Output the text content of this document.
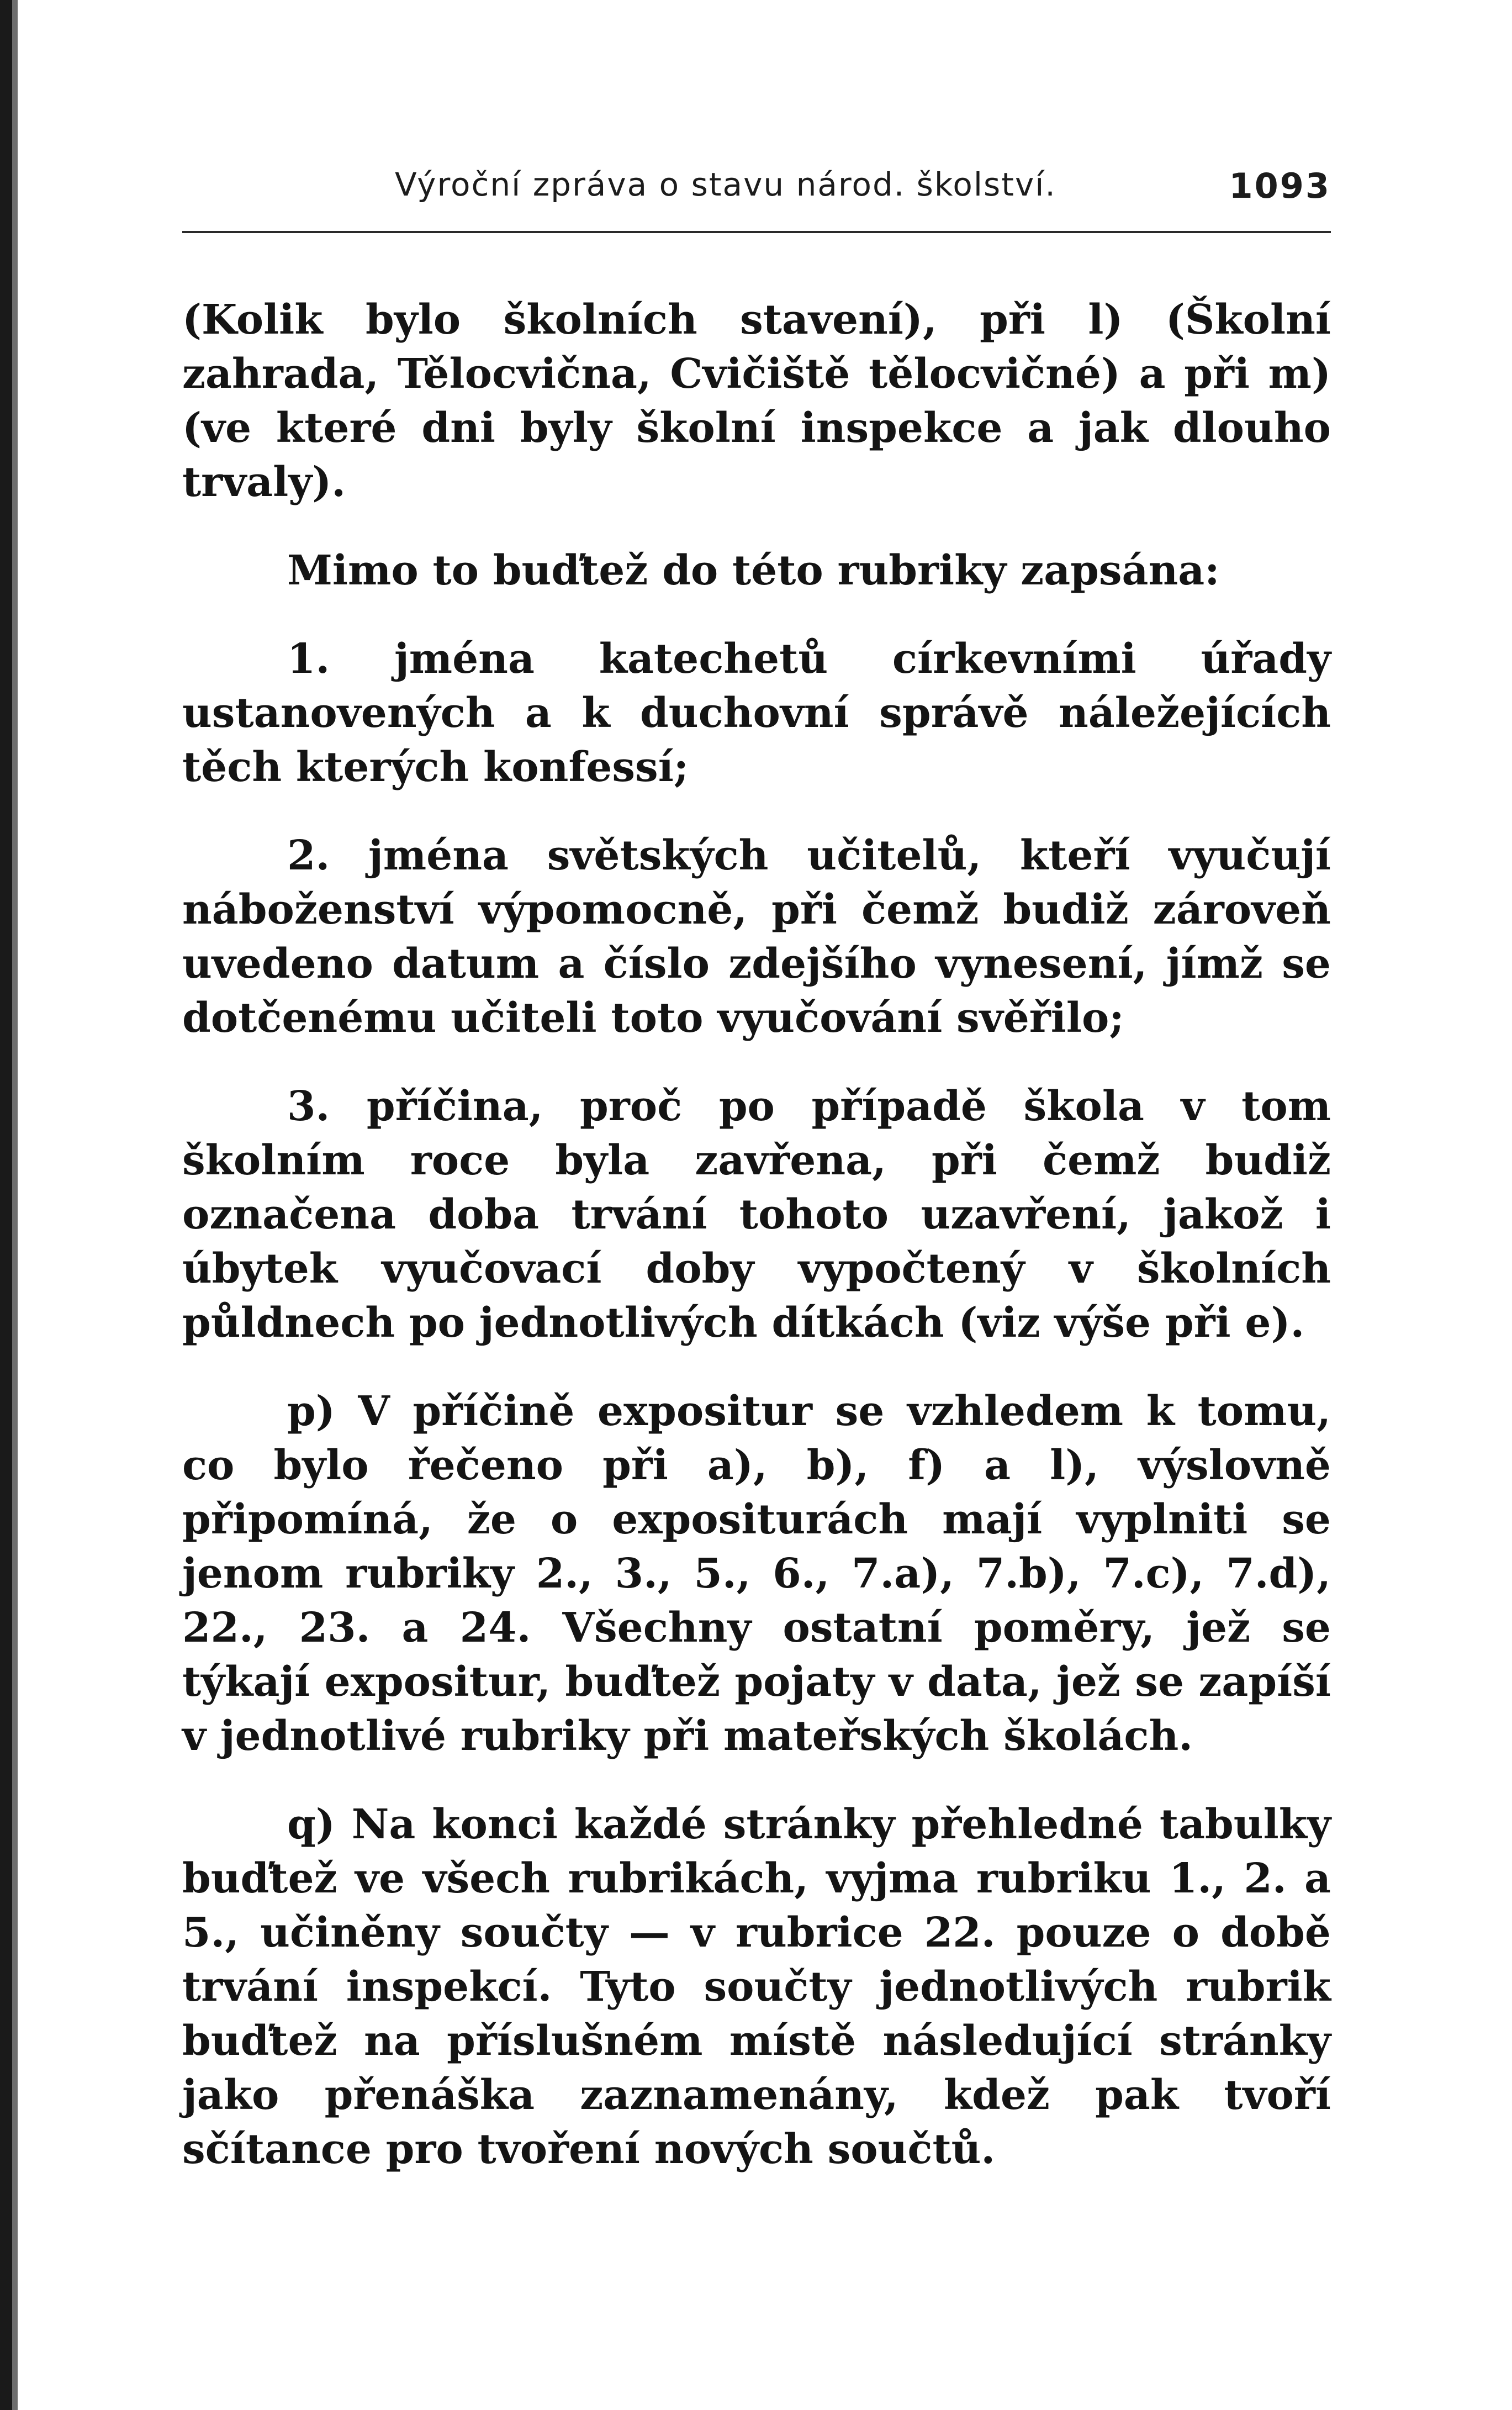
Výroční zpráva o stavu národ. školství.	1093

(Kolik bylo školních stavení), při l) (Školní zahrada, Tělocvična, Cvičiště tělocvičné) a při m) (ve které dni byly školní inspekce a jak dlouho trvaly).

Mimo to buďtež do této rubriky zapsána:

1. jména katechetů církevními úřady ustanovených a k duchovní správě náležejících těch kterých konfessí;

2. jména světských učitelů, kteří vyučují náboženství výpomocně, při čemž budiž zároveň uvedeno datum a číslo zdejšího vynesení, jímž se dotčenému učiteli toto vyučování svěřilo;

3. příčina, proč po případě škola v tom školním roce byla zavřena, při čemž budiž označena doba trvání tohoto uzavření, jakož i úbytek vyučovací doby vypočtený v školních půldnech po jednotlivých dítkách (viz výše při e).

p) V příčině expositur se vzhledem k tomu, co bylo řečeno při a), b), f) a l), výslovně připomíná, že o expositurách mají vyplniti se jenom rubriky 2., 3., 5., 6., 7.a), 7.b), 7.c), 7.d), 22., 23. a 24. Všechny ostatní poměry, jež se týkají expositur, buďtež pojaty v data, jež se zapíší v jednotlivé rubriky při mateřských školách.

q) Na konci každé stránky přehledné tabulky buďtež ve všech rubrikách, vyjma rubriku 1., 2. a 5., učiněny součty — v rubrice 22. pouze o době trvání inspekcí. Tyto součty jednotlivých rubrik buďtež na příslušném místě následující stránky jako přenáška zaznamenány, kdež pak tvoří sčítance pro tvoření nových součtů.
